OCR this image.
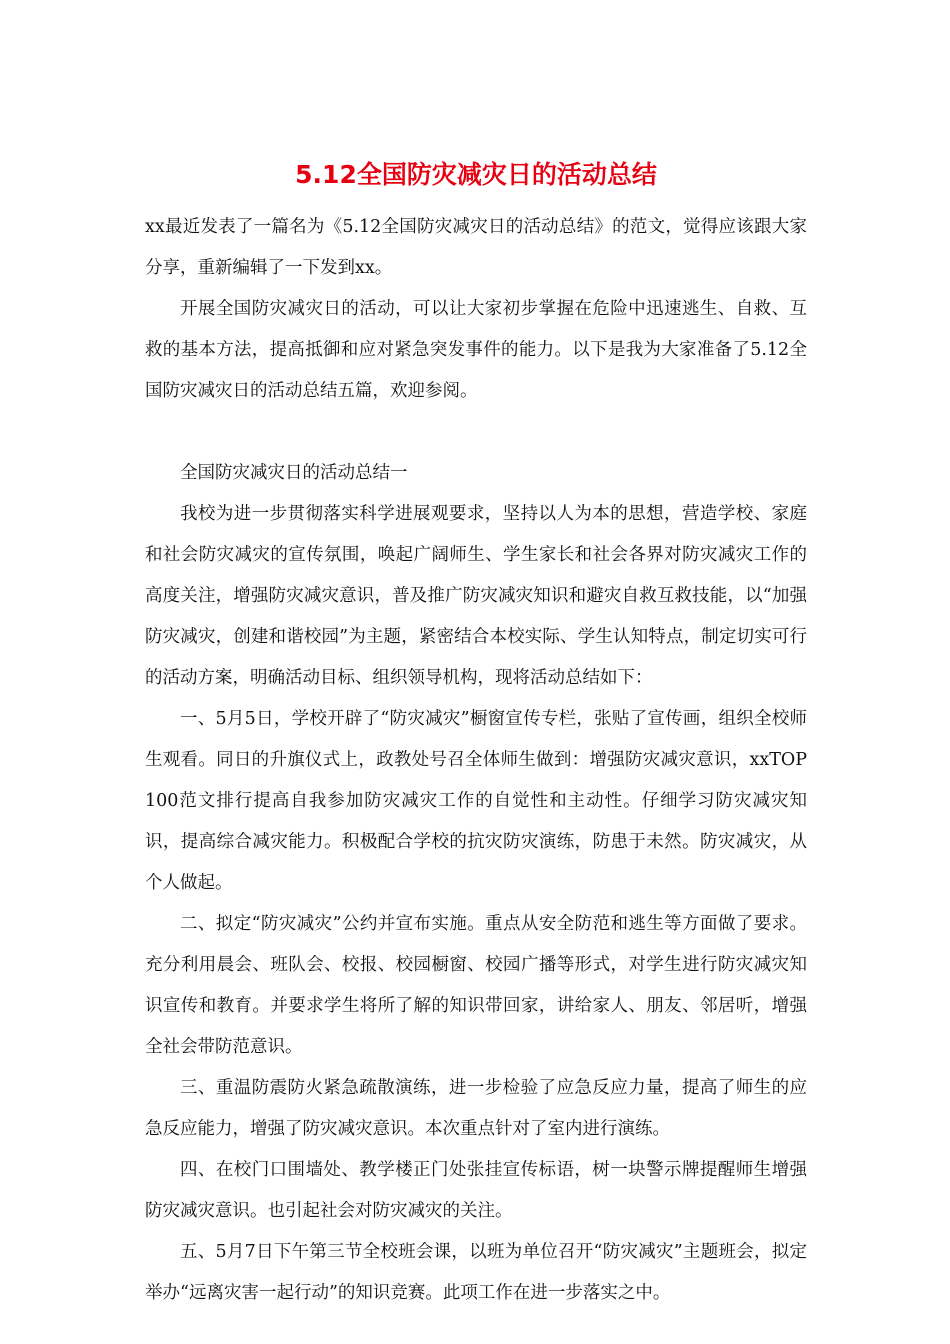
5.12全国防灾减灾日的活动总结

xx最近发表了一篇名为《5.12全国防灾减灾日的活动总结》的范文，觉得应该跟大家分享，重新编辑了一下发到xx。

开展全国防灾减灾日的活动，可以让大家初步掌握在危险中迅速逃生、自救、互救的基本方法，提高抵御和应对紧急突发事件的能力。以下是我为大家准备了5.12全国防灾减灾日的活动总结五篇，欢迎参阅。

全国防灾减灾日的活动总结一

我校为进一步贯彻落实科学进展观要求，坚持以人为本的思想，营造学校、家庭和社会防灾减灾的宣传氛围，唤起广阔师生、学生家长和社会各界对防灾减灾工作的高度关注，增强防灾减灾意识，普及推广防灾减灾知识和避灾自救互救技能，以“加强防灾减灾，创建和谐校园”为主题，紧密结合本校实际、学生认知特点，制定切实可行的活动方案，明确活动目标、组织领导机构，现将活动总结如下：

一、5月5日，学校开辟了“防灾减灾”橱窗宣传专栏，张贴了宣传画，组织全校师生观看。同日的升旗仪式上，政教处号召全体师生做到：增强防灾减灾意识，xxTOP100范文排行提高自我参加防灾减灾工作的自觉性和主动性。仔细学习防灾减灾知识，提高综合减灾能力。积极配合学校的抗灾防灾演练，防患于未然。防灾减灾，从个人做起。

二、拟定“防灾减灾”公约并宣布实施。重点从安全防范和逃生等方面做了要求。充分利用晨会、班队会、校报、校园橱窗、校园广播等形式，对学生进行防灾减灾知识宣传和教育。并要求学生将所了解的知识带回家，讲给家人、朋友、邻居听，增强全社会带防范意识。

三、重温防震防火紧急疏散演练，进一步检验了应急反应力量，提高了师生的应急反应能力，增强了防灾减灾意识。本次重点针对了室内进行演练。

四、在校门口围墙处、教学楼正门处张挂宣传标语，树一块警示牌提醒师生增强防灾减灾意识。也引起社会对防灾减灾的关注。

五、5月7日下午第三节全校班会课，以班为单位召开“防灾减灾”主题班会，拟定举办“远离灾害一起行动”的知识竞赛。此项工作在进一步落实之中。
